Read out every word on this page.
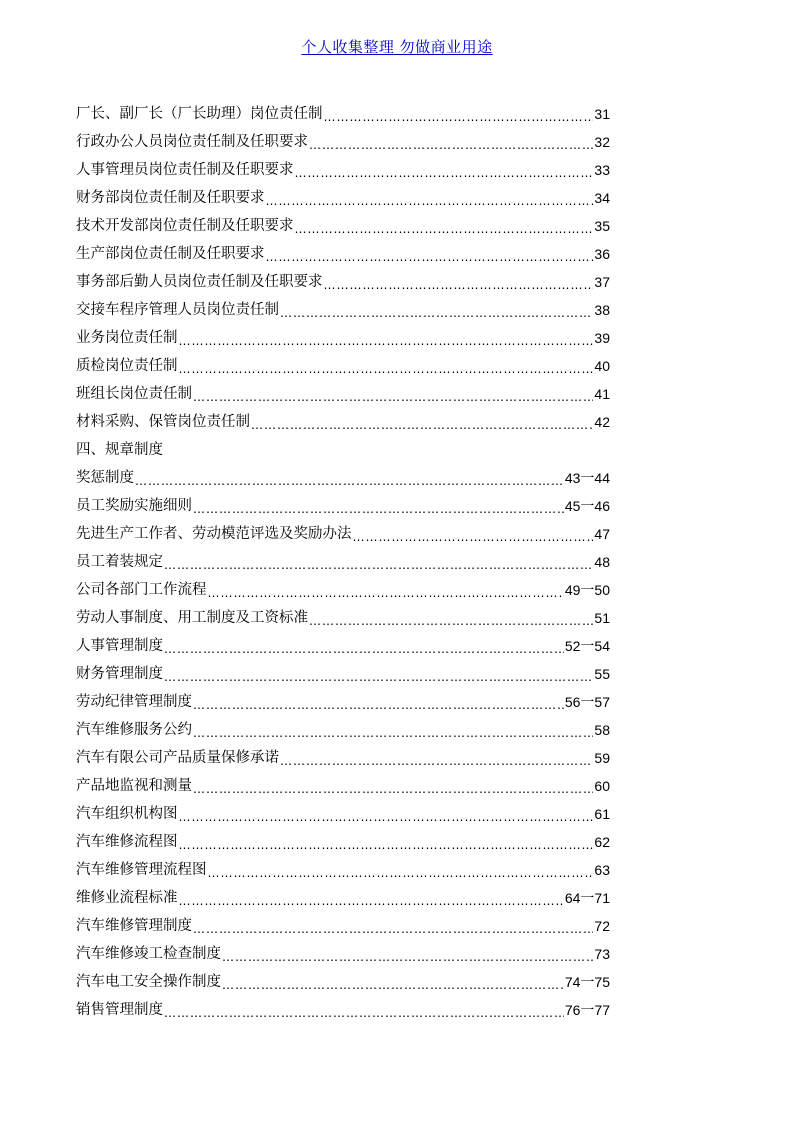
个人收集整理 勿做商业用途
厂长、副厂长（厂长助理）岗位责任制 ………………………………………………………………………………………………………………………………………………………………………………………………………………	31
行政办公人员岗位责任制及任职要求 ………………………………………………………………………………………………………………………………………………………………………………………………………………	32
人事管理员岗位责任制及任职要求 ………………………………………………………………………………………………………………………………………………………………………………………………………………	33
财务部岗位责任制及任职要求 ………………………………………………………………………………………………………………………………………………………………………………………………………………	34
技术开发部岗位责任制及任职要求 ………………………………………………………………………………………………………………………………………………………………………………………………………………	35
生产部岗位责任制及任职要求 ………………………………………………………………………………………………………………………………………………………………………………………………………………	36
事务部后勤人员岗位责任制及任职要求 ………………………………………………………………………………………………………………………………………………………………………………………………………………	37
交接车程序管理人员岗位责任制 ………………………………………………………………………………………………………………………………………………………………………………………………………………	38
业务岗位责任制 ………………………………………………………………………………………………………………………………………………………………………………………………………………	39
质检岗位责任制 ………………………………………………………………………………………………………………………………………………………………………………………………………………	40
班组长岗位责任制 ………………………………………………………………………………………………………………………………………………………………………………………………………………	41
材料采购、保管岗位责任制 ………………………………………………………………………………………………………………………………………………………………………………………………………………	42
四、规章制度
奖惩制度 ………………………………………………………………………………………………………………………………………………………………………………………………………………	43一44
员工奖励实施细则 ………………………………………………………………………………………………………………………………………………………………………………………………………………	45一46
先进生产工作者、劳动模范评选及奖励办法 ………………………………………………………………………………………………………………………………………………………………………………………………………………	47
员工着装规定 ………………………………………………………………………………………………………………………………………………………………………………………………………………	48
公司各部门工作流程 ………………………………………………………………………………………………………………………………………………………………………………………………………………	49一50
劳动人事制度、用工制度及工资标准 ………………………………………………………………………………………………………………………………………………………………………………………………………………	51
人事管理制度 ………………………………………………………………………………………………………………………………………………………………………………………………………………	52一54
财务管理制度 ………………………………………………………………………………………………………………………………………………………………………………………………………………	55
劳动纪律管理制度 ………………………………………………………………………………………………………………………………………………………………………………………………………………	56一57
汽车维修服务公约 ………………………………………………………………………………………………………………………………………………………………………………………………………………	58
汽车有限公司产品质量保修承诺 ………………………………………………………………………………………………………………………………………………………………………………………………………………	59
产品地监视和测量 ………………………………………………………………………………………………………………………………………………………………………………………………………………	60
汽车组织机构图 ………………………………………………………………………………………………………………………………………………………………………………………………………………	61
汽车维修流程图 ………………………………………………………………………………………………………………………………………………………………………………………………………………	62
汽车维修管理流程图 ………………………………………………………………………………………………………………………………………………………………………………………………………………	63
维修业流程标准 ………………………………………………………………………………………………………………………………………………………………………………………………………………	64一71
汽车维修管理制度 ………………………………………………………………………………………………………………………………………………………………………………………………………………	72
汽车维修竣工检查制度 ………………………………………………………………………………………………………………………………………………………………………………………………………………	73
汽车电工安全操作制度 ………………………………………………………………………………………………………………………………………………………………………………………………………………	74一75
销售管理制度 ………………………………………………………………………………………………………………………………………………………………………………………………………………	76一77
